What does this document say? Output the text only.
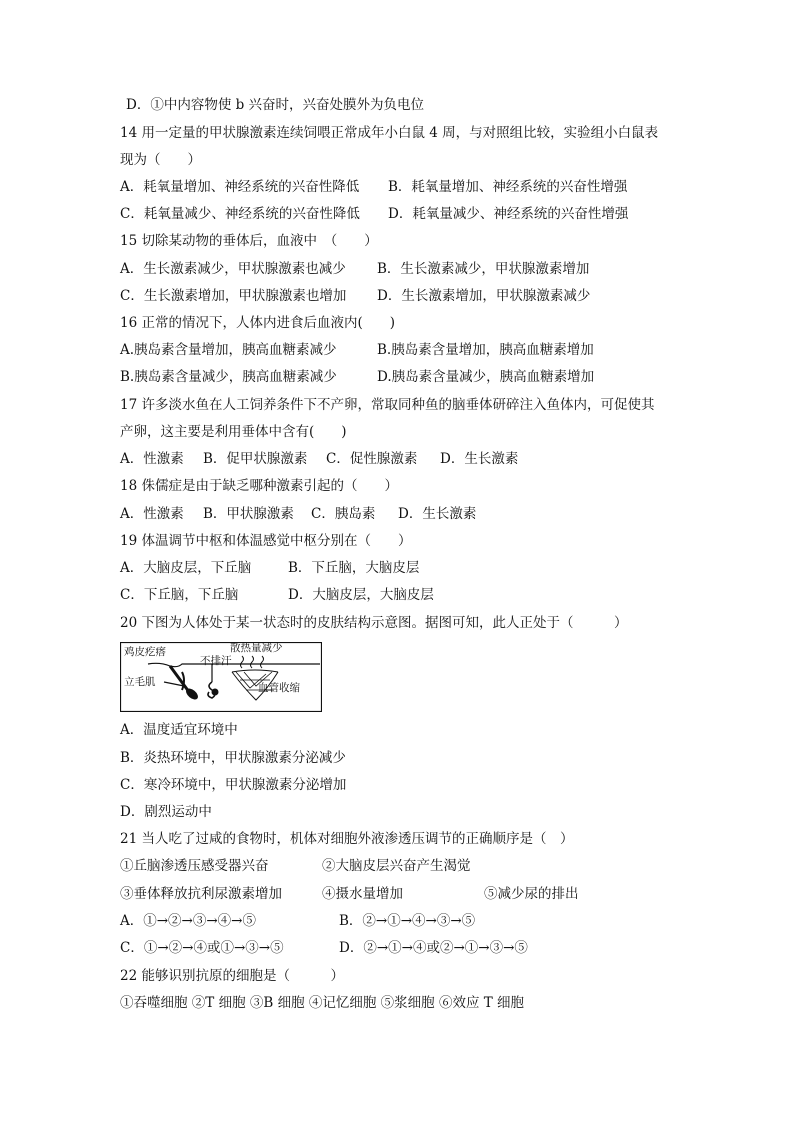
D．①中内容物使 b 兴奋时，兴奋处膜外为负电位
14 用一定量的甲状腺激素连续饲喂正常成年小白鼠 4 周，与对照组比较，实验组小白鼠表
现为（　　）
A．耗氧量增加、神经系统的兴奋性降低 B．耗氧量增加、神经系统的兴奋性增强
C．耗氧量减少、神经系统的兴奋性降低 D．耗氧量减少、神经系统的兴奋性增强
15 切除某动物的垂体后，血液中　（　　）
A．生长激素减少，甲状腺激素也减少 B．生长激素减少，甲状腺激素增加
C．生长激素增加，甲状腺激素也增加 D．生长激素增加，甲状腺激素减少
16 正常的情况下，人体内进食后血液内(　　)
A.胰岛素含量增加，胰高血糖素减少	B.胰岛素含量增加，胰高血糖素增加
B.胰岛素含量减少，胰高血糖素减少	D.胰岛素含量减少，胰高血糖素增加
17 许多淡水鱼在人工饲养条件下不产卵，常取同种鱼的脑垂体研碎注入鱼体内，可促使其
产卵，这主要是利用垂体中含有(　　)
A．性激素 B．促甲状腺激素 C．促性腺激素 D．生长激素
18 侏儒症是由于缺乏哪种激素引起的（　　）
A．性激素 B．甲状腺激素 C．胰岛素 D．生长激素
19 体温调节中枢和体温感觉中枢分别在（　　）
A．大脑皮层，下丘脑	B．下丘脑，大脑皮层
C．下丘脑，下丘脑	D．大脑皮层，大脑皮层
20 下图为人体处于某一状态时的皮肤结构示意图。据图可知，此人正处于（　　　）
鸡皮疙瘩	散热量减少
不排汗
立毛肌	血管收缩
A．温度适宜环境中
B．炎热环境中，甲状腺激素分泌减少
C．寒冷环境中，甲状腺激素分泌增加
D．剧烈运动中
21 当人吃了过咸的食物时，机体对细胞外液渗透压调节的正确顺序是（　）
①丘脑渗透压感受器兴奋	②大脑皮层兴奋产生渴觉
③垂体释放抗利尿激素增加	④摄水量增加	⑤减少尿的排出
A．①→②→③→④→⑤	B．②→①→④→③→⑤
C．①→②→④或①→③→⑤	D．②→①→④或②→①→③→⑤
22 能够识别抗原的细胞是（　　　）
①吞噬细胞 ②T 细胞 ③B 细胞 ④记忆细胞 ⑤浆细胞 ⑥效应 T 细胞
